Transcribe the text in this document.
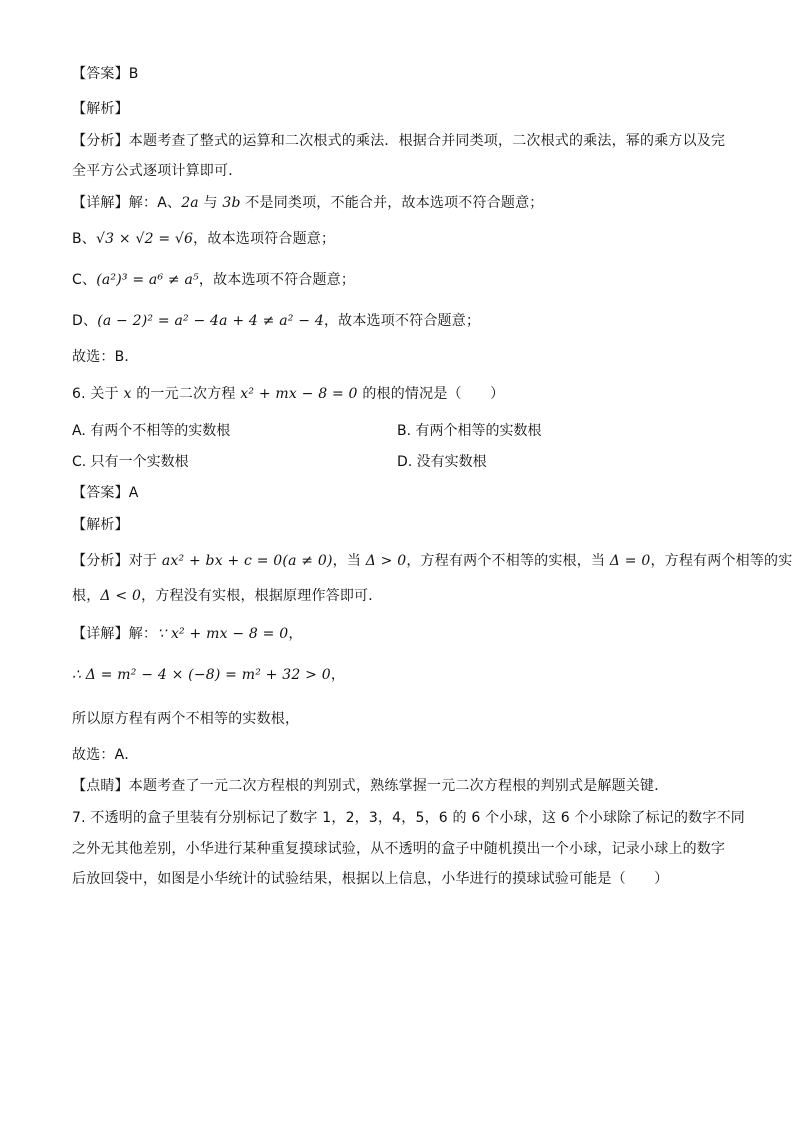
【答案】B
【解析】
【分析】本题考查了整式的运算和二次根式的乘法．根据合并同类项，二次根式的乘法，幂的乘方以及完
全平方公式逐项计算即可．
【详解】解：A、2a 与 3b 不是同类项，不能合并，故本选项不符合题意；
B、√3 × √2 = √6，故本选项符合题意；
C、(a²)³ = a⁶ ≠ a⁵，故本选项不符合题意；
D、(a − 2)² = a² − 4a + 4 ≠ a² − 4，故本选项不符合题意；
故选：B．
6. 关于 x 的一元二次方程 x² + mx − 8 = 0 的根的情况是（　　）
A. 有两个不相等的实数根	B. 有两个相等的实数根
C. 只有一个实数根	D. 没有实数根
【答案】A
【解析】
【分析】对于 ax² + bx + c = 0(a ≠ 0)，当 Δ > 0，方程有两个不相等的实根，当 Δ = 0，方程有两个相等的实
根，Δ < 0，方程没有实根，根据原理作答即可．
【详解】解：∵ x² + mx − 8 = 0，
∴ Δ = m² − 4 × (−8) = m² + 32 > 0，
所以原方程有两个不相等的实数根，
故选：A．
【点睛】本题考查了一元二次方程根的判别式，熟练掌握一元二次方程根的判别式是解题关键．
7. 不透明的盒子里装有分别标记了数字 1，2，3，4，5，6 的 6 个小球，这 6 个小球除了标记的数字不同
之外无其他差别，小华进行某种重复摸球试验，从不透明的盒子中随机摸出一个小球，记录小球上的数字
后放回袋中，如图是小华统计的试验结果，根据以上信息，小华进行的摸球试验可能是（　　）
